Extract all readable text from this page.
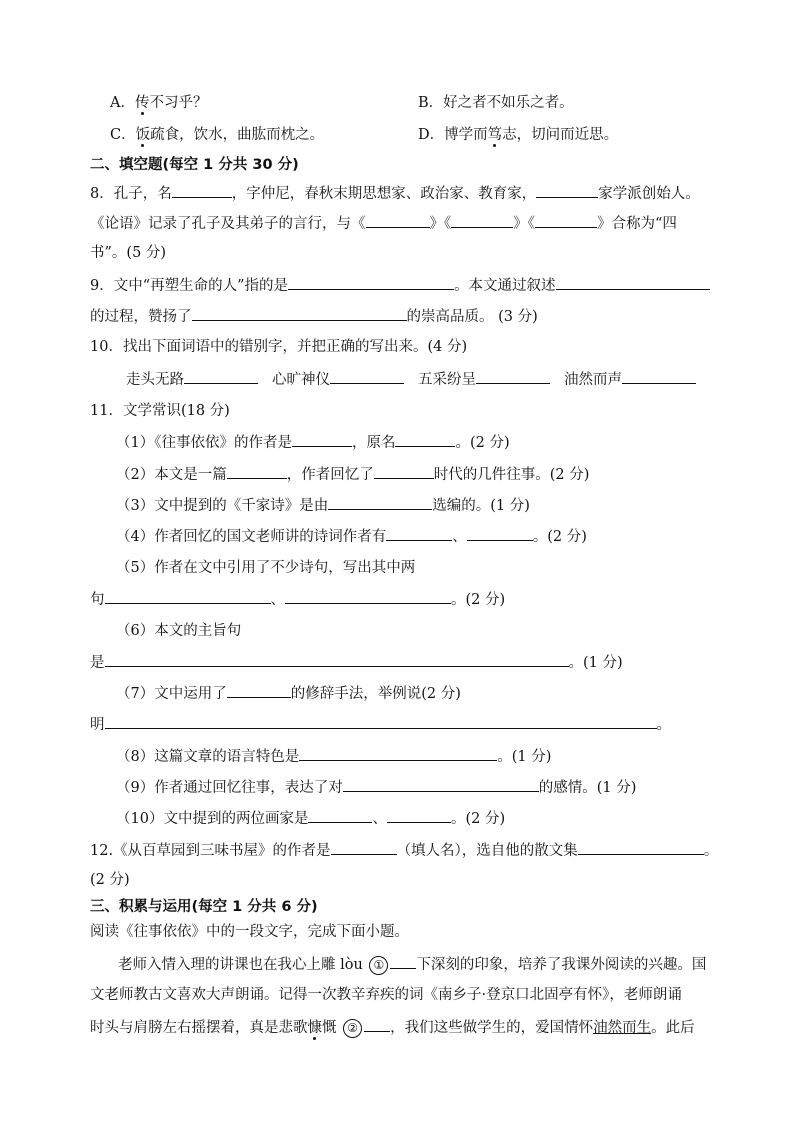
A．传不习乎？	B．好之者不如乐之者。
C．饭疏食，饮水，曲肱而枕之。	D．博学而笃志，切问而近思。
二、填空题(每空 1 分共 30 分)
8．孔子，名	，字仲尼，春秋末期思想家、政治家、教育家，	家学派创始人。
《论语》记录了孔子及其弟子的言行，与《	》《	》《	》合称为“四
书”。(5 分)
9．文中“再塑生命的人”指的是	。本文通过叙述
的过程，赞扬了	的崇高品质。 (3 分)
10．找出下面词语中的错别字，并把正确的写出来。(4 分)
走头无路	心旷神仪	五采纷呈	油然而声
11．文学常识(18 分)
（1）《往事依依》的作者是	，原名	。(2 分)
（2）本文是一篇	，作者回忆了	时代的几件往事。(2 分)
（3）文中提到的《千家诗》是由	选编的。(1 分)
（4）作者回忆的国文老师讲的诗词作者有	、	。(2 分)
（5）作者在文中引用了不少诗句，写出其中两
句	、	。(2 分)
（6）本文的主旨句
是	。(1 分)
（7）文中运用了	的修辞手法，举例说(2 分)
明	。
（8）这篇文章的语言特色是	。(1 分)
（9）作者通过回忆往事，表达了对	的感情。(1 分)
（10）文中提到的两位画家是	、	。(2 分)
12.《从百草园到三味书屋》的作者是	（填人名），选自他的散文集	。
(2 分)
三、积累与运用(每空 1 分共 6 分)
阅读《往事依依》中的一段文字，完成下面小题。
老师入情入理的讲课也在我心上雕 lòu ① 下深刻的印象，培养了我课外阅读的兴趣。国
文老师教古文喜欢大声朗诵。记得一次教辛弃疾的词《南乡子·登京口北固亭有怀》，老师朗诵
时头与肩膀左右摇摆着，真是悲歌慷慨 ② ，我们这些做学生的，爱国情怀油然而生。此后
